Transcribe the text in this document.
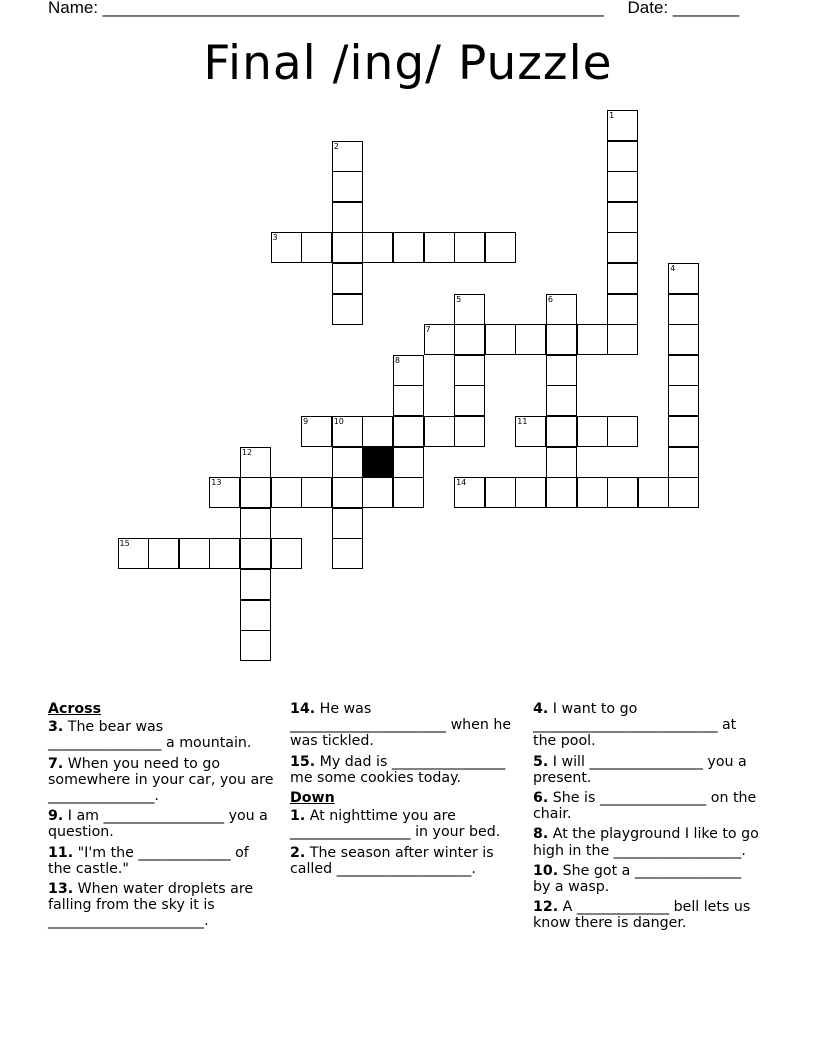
Name: _____________________________________________________     Date: _______
Final /ing/ Puzzle
1
2
3
4
5	6
7
8
9	10	11
12
13	14
15
Across
3. The bear was ________________ a mountain.
7. When you need to go somewhere in your car, you are _______________.
9. I am _________________ you a question.
11. "I'm the _____________ of the castle."
13. When water droplets are falling from the sky it is ______________________.
14. He was ______________________ when he was tickled.
15. My dad is ________________ me some cookies today.
Down
1. At nighttime you are _________________ in your bed.
2. The season after winter is called ___________________.
4. I want to go __________________________ at the pool.
5. I will ________________ you a present.
6. She is _______________ on the chair.
8. At the playground I like to go high in the __________________.
10. She got a _______________ by a wasp.
12. A _____________ bell lets us know there is danger.
